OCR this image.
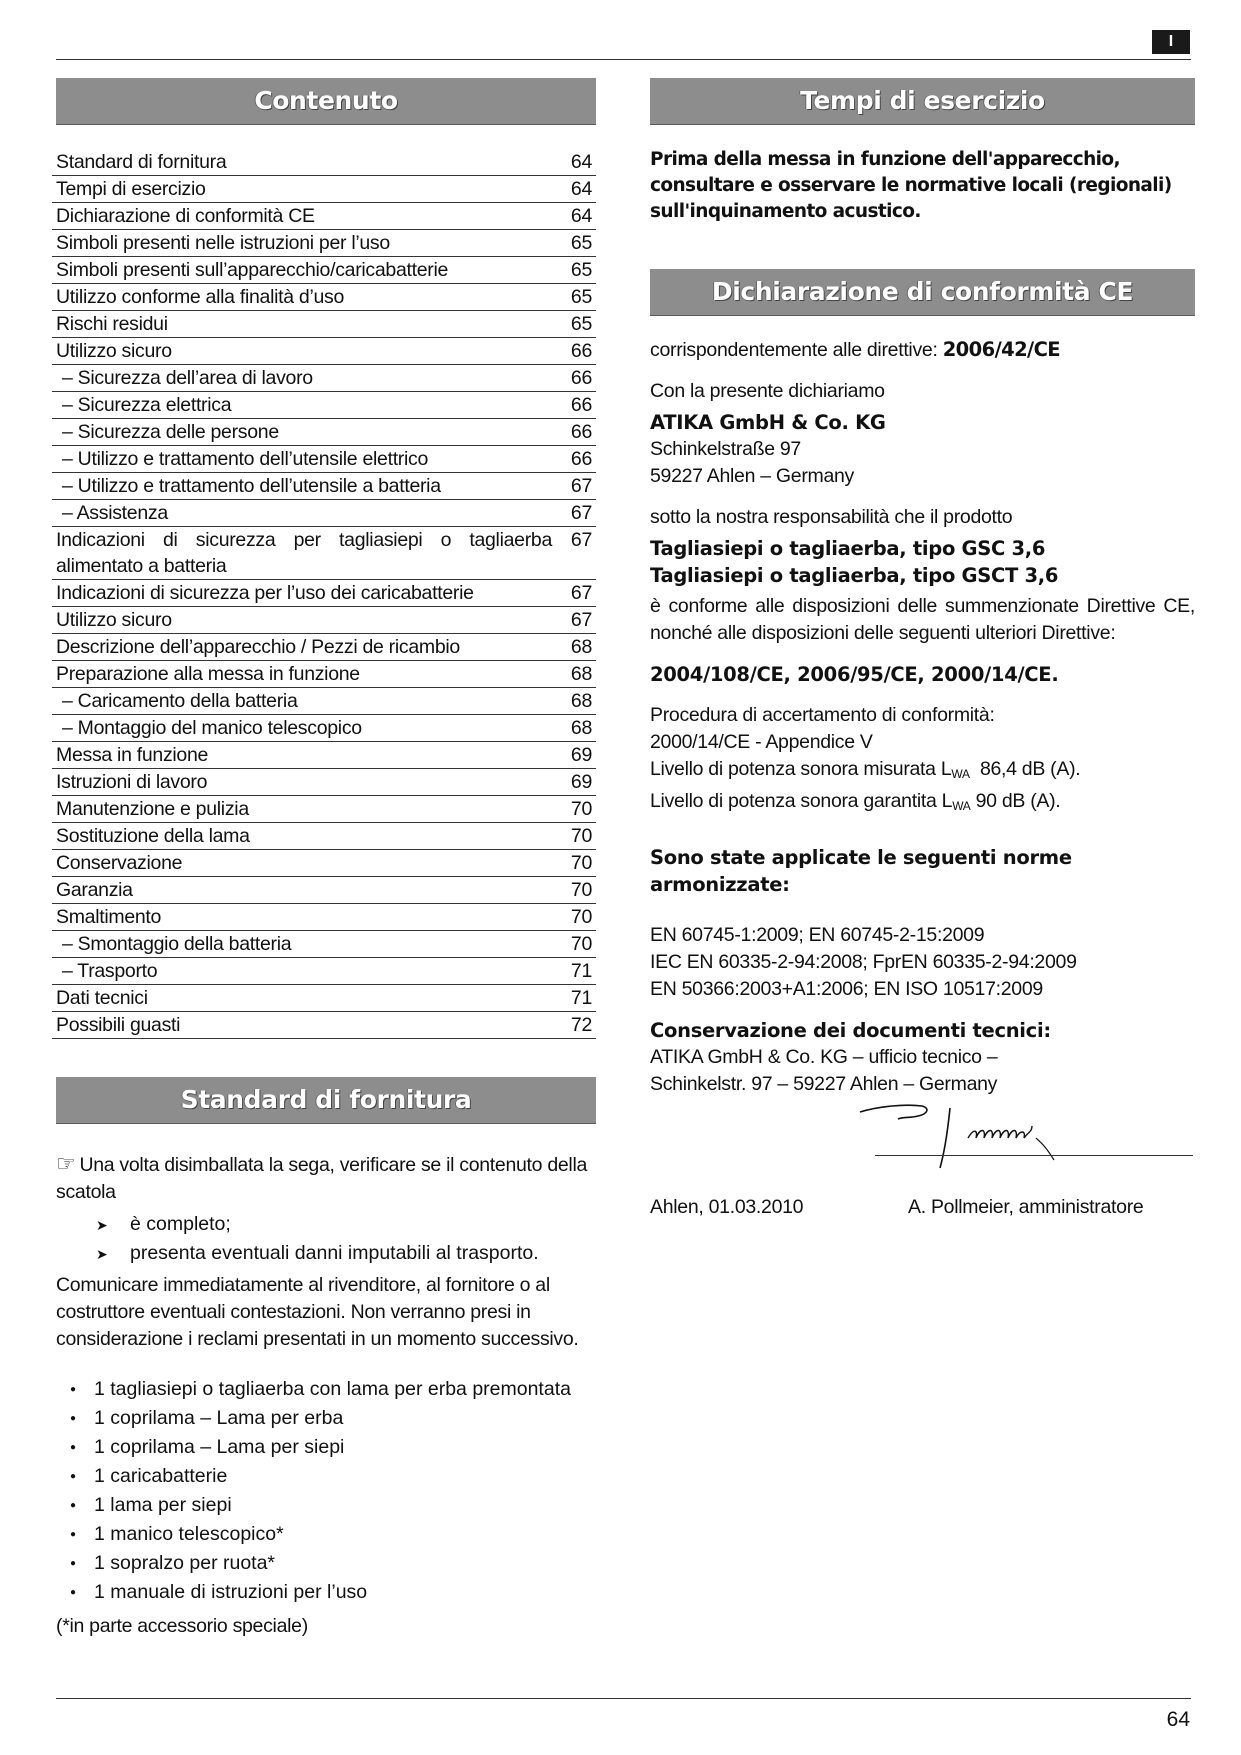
I
Contenuto
Standard di fornitura	64
Tempi di esercizio	64
Dichiarazione di conformità CE	64
Simboli presenti nelle istruzioni per l’uso	65
Simboli presenti sull’apparecchio/caricabatterie	65
Utilizzo conforme alla finalità d’uso	65
Rischi residui	65
Utilizzo sicuro	66
– Sicurezza dell’area di lavoro	66
– Sicurezza elettrica	66
– Sicurezza delle persone	66
– Utilizzo e trattamento dell’utensile elettrico	66
– Utilizzo e trattamento dell’utensile a batteria	67
– Assistenza	67
Indicazioni di sicurezza per tagliasiepi o tagliaerba alimentato a batteria
67
Indicazioni di sicurezza per l’uso dei caricabatterie	67
Utilizzo sicuro	67
Descrizione dell’apparecchio / Pezzi de ricambio	68
Preparazione alla messa in funzione	68
– Caricamento della batteria	68
– Montaggio del manico telescopico	68
Messa in funzione	69
Istruzioni di lavoro	69
Manutenzione e pulizia	70
Sostituzione della lama	70
Conservazione	70
Garanzia	70
Smaltimento	70
– Smontaggio della batteria	70
– Trasporto	71
Dati tecnici	71
Possibili guasti	72
Standard di fornitura
☞ Una volta disimballata la sega, verificare se il contenuto della scatola
➤ è completo;
➤ presenta eventuali danni imputabili al trasporto.
Comunicare immediatamente al rivenditore, al fornitore o al costruttore eventuali contestazioni. Non verranno presi in considerazione i reclami presentati in un momento successivo.
● 1 tagliasiepi o tagliaerba con lama per erba premontata
● 1 coprilama – Lama per erba
● 1 coprilama – Lama per siepi
● 1 caricabatterie
● 1 lama per siepi
● 1 manico telescopico*
● 1 sopralzo per ruota*
● 1 manuale di istruzioni per l’uso
(*in parte accessorio speciale)
Tempi di esercizio

Prima della messa in funzione dell'apparecchio, consultare e osservare le normative locali (regionali) sull'inquinamento acustico.

Dichiarazione di conformità CE

corrispondentemente alle direttive: 2006/42/CE

Con la presente dichiariamo

ATIKA GmbH & Co. KG

Schinkelstraße 97

59227 Ahlen – Germany

sotto la nostra responsabilità che il prodotto

Tagliasiepi o tagliaerba, tipo GSC 3,6

Tagliasiepi o tagliaerba, tipo GSCT 3,6

è conforme alle disposizioni delle summenzionate Direttive CE, nonché alle disposizioni delle seguenti ulteriori Direttive:

2004/108/CE, 2006/95/CE, 2000/14/CE.

Procedura di accertamento di conformità:

2000/14/CE - Appendice V

Livello di potenza sonora misurata $L_{WA}$ 86,4 dB (A).

Livello di potenza sonora garantita $L_{WA}$ 90 dB (A).

Sono state applicate le seguenti norme armonizzate:

EN 60745-1:2009; EN 60745-2-15:2009

IEC EN 60335-2-94:2008; FprEN 60335-2-94:2009

EN 50366:2003+A1:2006; EN ISO 10517:2009

Conservazione dei documenti tecnici:

ATIKA GmbH & Co. KG – ufficio tecnico –

Schinkelstr. 97 – 59227 Ahlen – Germany

Ahlen, 01.03.2010	A. Pollmeier, amministratore
64
